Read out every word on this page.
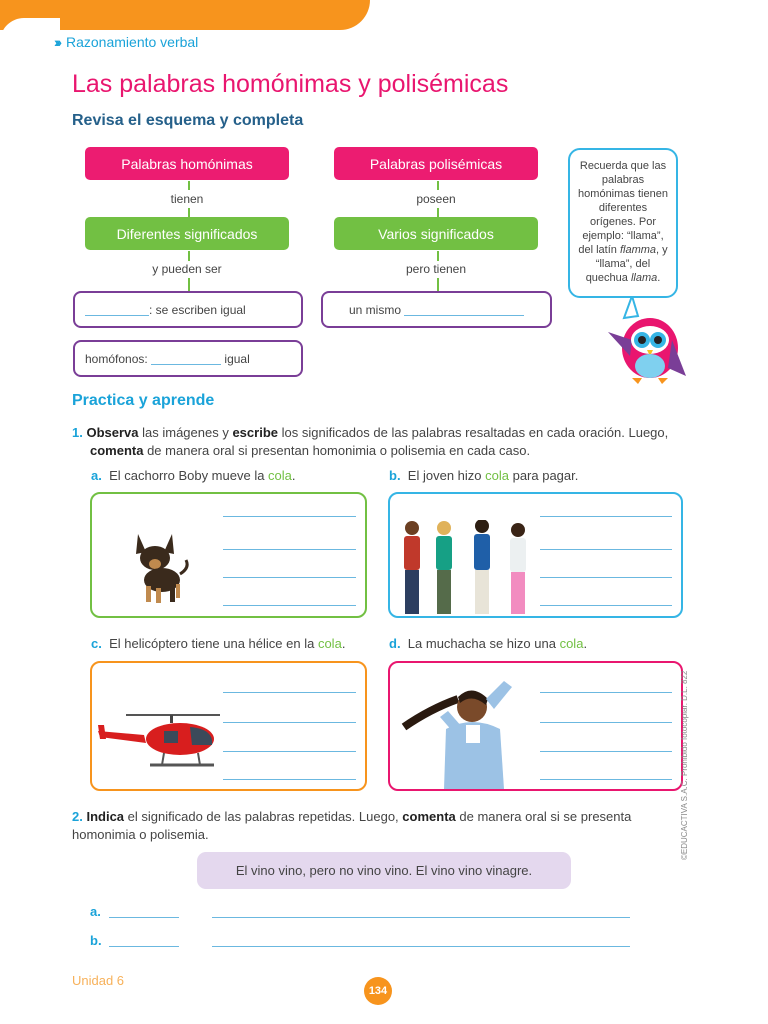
››› Razonamiento verbal
Las palabras homónimas y polisémicas
Revisa el esquema y completa
Palabras homónimas
tienen
Diferentes significados
y pueden ser
: se escriben igual
homófonos:

	igual
Palabras polisémicas
poseen
Varios significados
pero tienen
un mismo

Recuerda que las palabras homónimas tienen diferentes orígenes. Por ejemplo: “llama”, del latín flamma, y “llama”, del quechua llama.
Practica y aprende
1. Observa las imágenes y escribe los significados de las palabras resaltadas en cada oración. Luego,
comenta de manera oral si presentan homonimia o polisemia en cada caso.
a. El cachorro Boby mueve la cola.	b. El joven hizo cola para pagar.
c. El helicóptero tiene una hélice en la cola.	d. La muchacha se hizo una cola.
2. Indica el significado de las palabras repetidas. Luego, comenta de manera oral si se presenta homonimia o polisemia.
El vino vino, pero no vino vino. El vino vino vinagre.
a.
b.
©EDUCACTIVA S.A.C. Prohibido fotocopiar. D.L. 822
Unidad 6
134
